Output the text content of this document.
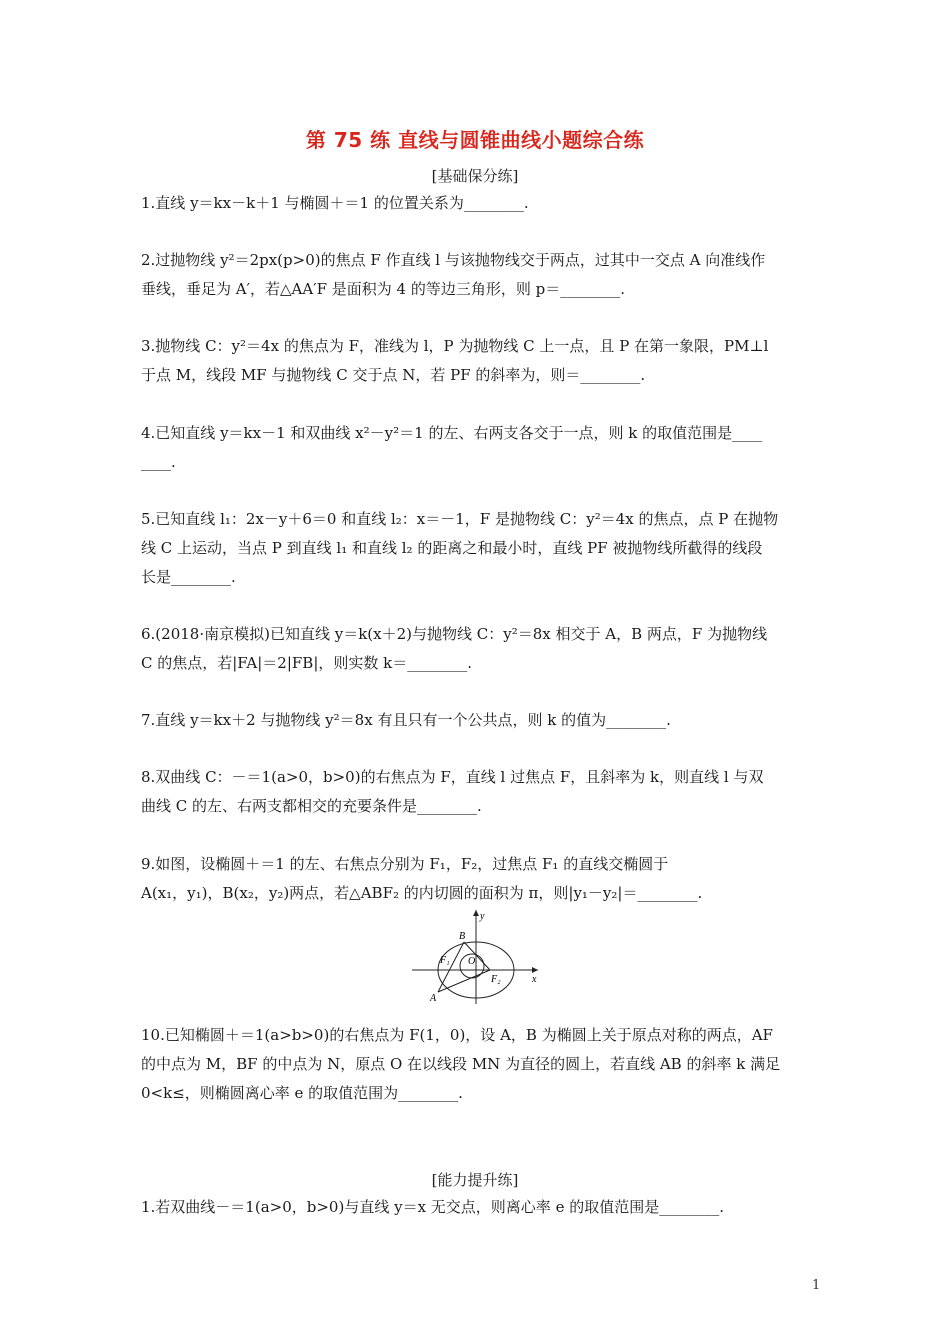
第 75 练 直线与圆锥曲线小题综合练
[基础保分练]
1.直线 y＝kx－k＋1 与椭圆＋＝1 的位置关系为________.
2.过抛物线 y²＝2px(p>0)的焦点 F 作直线 l 与该抛物线交于两点，过其中一交点 A 向准线作
垂线，垂足为 A′，若△AA′F 是面积为 4 的等边三角形，则 p＝________.
3.抛物线 C：y²＝4x 的焦点为 F，准线为 l，P 为抛物线 C 上一点，且 P 在第一象限，PM⊥l
于点 M，线段 MF 与抛物线 C 交于点 N，若 PF 的斜率为，则＝________.
4.已知直线 y＝kx－1 和双曲线 x²－y²＝1 的左、右两支各交于一点，则 k 的取值范围是____
____.
5.已知直线 l₁：2x－y＋6＝0 和直线 l₂：x＝－1，F 是抛物线 C：y²＝4x 的焦点，点 P 在抛物
线 C 上运动，当点 P 到直线 l₁ 和直线 l₂ 的距离之和最小时，直线 PF 被抛物线所截得的线段
长是________.
6.(2018·南京模拟)已知直线 y＝k(x＋2)与抛物线 C：y²＝8x 相交于 A，B 两点，F 为抛物线
C 的焦点，若|FA|＝2|FB|，则实数 k＝________.
7.直线 y＝kx＋2 与抛物线 y²＝8x 有且只有一个公共点，则 k 的值为________.
8.双曲线 C：－＝1(a>0，b>0)的右焦点为 F，直线 l 过焦点 F，且斜率为 k，则直线 l 与双
曲线 C 的左、右两支都相交的充要条件是________.
9.如图，设椭圆＋＝1 的左、右焦点分别为 F₁，F₂，过焦点 F₁ 的直线交椭圆于
A(x₁，y₁)，B(x₂，y₂)两点，若△ABF₂ 的内切圆的面积为 π，则|y₁－y₂|＝________.
y
x
B
O
F₁
F₂
A
10.已知椭圆＋＝1(a>b>0)的右焦点为 F(1，0)，设 A，B 为椭圆上关于原点对称的两点，AF
的中点为 M，BF 的中点为 N，原点 O 在以线段 MN 为直径的圆上，若直线 AB 的斜率 k 满足
0<k≤，则椭圆离心率 e 的取值范围为________.
[能力提升练]
1.若双曲线－＝1(a>0，b>0)与直线 y＝x 无交点，则离心率 e 的取值范围是________.
1
